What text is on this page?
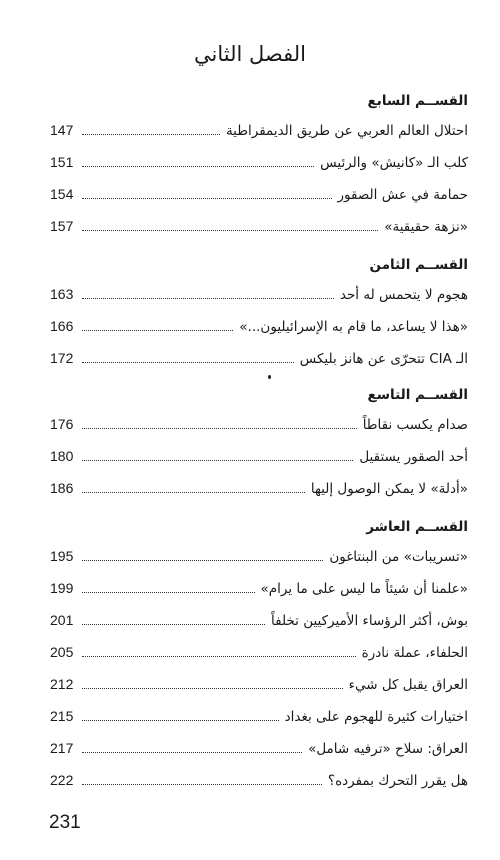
الفصل الثاني
القســم السابع
احتلال العالم العربي عن طريق الديمقراطية
147
كلب الـ «كانيش» والرئيس
151
حمامة في عش الصقور
154
«نزهة حقيقية»
157
القســم الثامن
هجوم لا يتحمس له أحد
163
«هذا لا يساعد، ما قام به الإسرائيليون...»
166
الـ CIA تتحرّى عن هانز بليكس
172
القســم التاسع
صدام يكسب نقاطاً
176
أحد الصقور يستقيل
180
«أدلة» لا يمكن الوصول إليها
186
القســم العاشر
«تسريبات» من البنتاغون
195
«علمنا أن شيئاً ما ليس على ما يرام»
199
بوش، أكثر الرؤساء الأميركيين تخلفاً
201
الحلفاء، عملة نادرة
205
العراق يقبل كل شيء
212
اختيارات كثيرة للهجوم على بغداد
215
العراق: سلاح «ترفيه شامل»
217
هل يقرر التحرك بمفرده؟
222

231
